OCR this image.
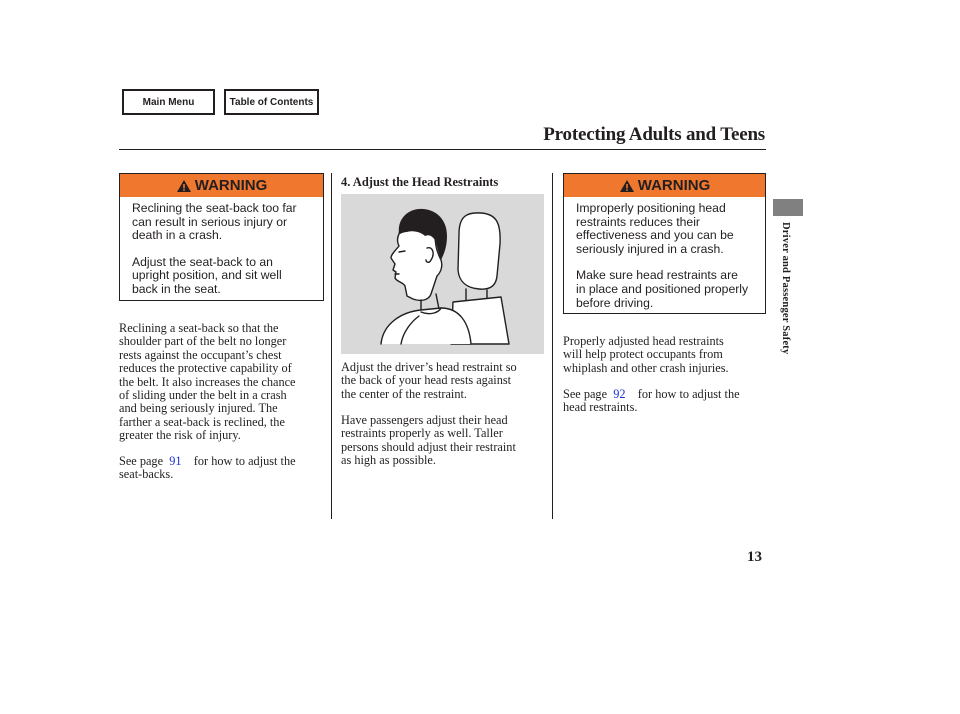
Main Menu	Table of Contents
Protecting Adults and Teens
WARNING

Reclining the seat-back too far
can result in serious injury or
death in a crash.

Adjust the seat-back to an
upright position, and sit well
back in the seat.

Reclining a seat-back so that the
shoulder part of the belt no longer
rests against the occupant’s chest
reduces the protective capability of
the belt. It also increases the chance
of sliding under the belt in a crash
and being seriously injured. The
farther a seat-back is reclined, the
greater the risk of injury.
See page 91 for how to adjust the
seat-backs.
4. Adjust the Head Restraints
Adjust the driver’s head restraint so
the back of your head rests against
the center of the restraint.
Have passengers adjust their head
restraints properly as well. Taller
persons should adjust their restraint
as high as possible.
WARNING

Improperly positioning head
restraints reduces their
effectiveness and you can be
seriously injured in a crash.

Make sure head restraints are
in place and positioned properly
before driving.

Properly adjusted head restraints
will help protect occupants from
whiplash and other crash injuries.
See page 92 for how to adjust the
head restraints.
Driver and Passenger Safety
13
